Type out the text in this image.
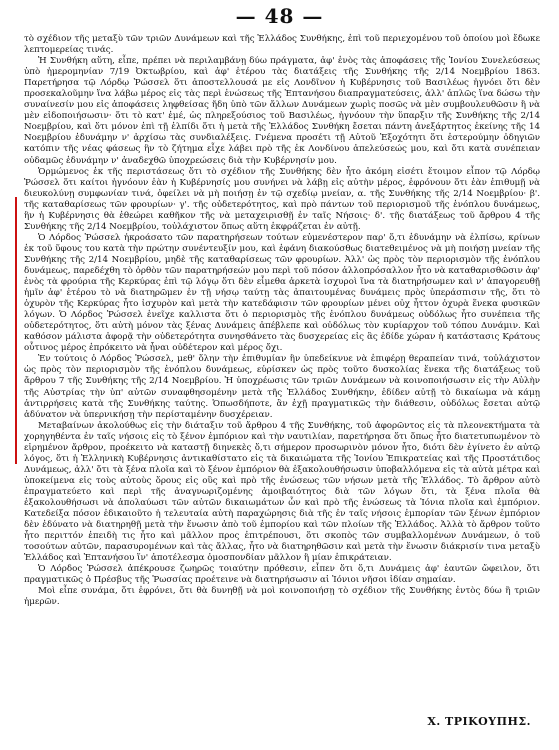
— 48 —

τὸ σχέδιον τῆς μεταξὺ τῶν τριῶν Δυνάμεων καὶ τῆς Ἑλλάδος Συνθήκης, ἐπὶ τοῦ περιεχομένου τοῦ ὁποίου μοὶ ἔδωκε λεπτομερείας τινάς.

Ἡ Συνθήκη αὕτη, εἶπε, πρέπει νὰ περιλαμβάνῃ δύω πράγματα, ἀφ' ἑνὸς τὰς ἀποφάσεις τῆς Ἰονίου Συνελεύσεως ὑπὸ ἡμερομηνίαν 7/19 Ὀκτωβρίου, καὶ ἀφ' ἑτέρου τὰς διατάξεις τῆς Συνθήκης τῆς 2/14 Νοεμβρίου 1863. Παρετήρησα τῷ Λόρδῳ Ῥώσσελ ὅτι ἀποστελλουσά με εἰς Λονδῖνον ἡ Κυβέρνησις τοῦ Βασιλέως ἠγνόει ὅτι δὲν προσεκαλοῦμην ἵνα λάβω μέρος εἰς τὰς περὶ ἑνώσεως τῆς Ἑπτανήσου διαπραγματεύσεις, ἀλλ' ἁπλῶς ἵνα δώσω τὴν συναίνεσίν μου εἰς ἀποφάσεις ληφθείσας ἤδη ὑπὸ τῶν ἄλλων Δυνάμεων χωρὶς ποσῶς νὰ μὲν συμβουλευθῶσιν ἢ νὰ μὲν εἰδοποιήσωσιν· ὅτι τὸ κατ' ἐμέ, ὡς πληρεξούσιος τοῦ Βασιλέως, ἠγνόουν τὴν ὕπαρξιν τῆς Συνθήκης τῆς 2/14 Νοεμβρίου, καὶ ὅτι μόνον ἐπὶ τῇ ἐλπίδι ὅτι ἡ μετὰ τῆς Ἑλλάδος Συνθήκη ἔσεται πάντη ἀνεξάρτητος ἐκείνης τῆς 14 Νοεμβρίου ἐδυνάμην ν' ἀρχίσω τὰς συνδιαλέξεις. Γνέμενα προσέτι τῇ Αὐτοῦ Ἐξοχότητι ὅτι ἐστερούμην ὁδηγιῶν κατόπιν τῆς νέας φάσεως ἣν τὸ ζήτημα εἶχε λάβει πρὸ τῆς ἐκ Λονδίνου ἀπελεύσεώς μου, καὶ ὅτι κατὰ συνέπειαν οὐδαμῶς ἐδυνάμην ν' ἀναδεχθῶ ὑποχρεώσεις διὰ τὴν Κυβέρνησίν μου.

Ὁρμώμενος ἐκ τῆς περιστάσεως ὅτι τὸ σχέδιον τῆς Συνθήκης δὲν ἦτο ἀκόμη εἰσέτι ἕτοιμον εἶπον τῷ Λόρδῳ Ῥώσσελ ὅτι καίτοι ἠγνόουν ἐὰν ἡ Κυβέρνησίς μου συνήνει νὰ λάβῃ εἰς αὐτὴν μέρος, ἐφρόνουν ὅτι ἐὰν ἐπιθυμῇ νὰ διευκολύνῃ συμφωνίαν τινά, ὀφείλει νὰ μὴ ποιήσῃ ἐν τῷ σχεδίῳ μνείαν, α. τῆς Συνθήκης τῆς 2/14 Νοεμβρίου· β'. τῆς καταθαρίσεως τῶν φρουρίων· γ'. τῆς οὐδετερότητος, καὶ πρὸ πάντων τοῦ περιορισμοῦ τῆς ἑνόπλου δυνάμεως, ἣν ἡ Κυβέρνησις θὰ ἐθεώρει καθῆκον τῆς νὰ μεταχειρισθῇ ἐν ταῖς Νήσοις· δ'. τῆς διατάξεως τοῦ ἄρθρου 4 τῆς Συνθήκης τῆς 2/14 Νοεμβρίου, τοὐλάχιστον ὅπως αὕτη ἐκφράζεται ἐν αὐτῇ.

Ὁ Λόρδος Ῥώσσελ ἠκροάσατο τῶν παρατηρήσεων τούτων εὐμενέστερον παρ' ὅ,τι ἐδυνάμην νὰ ἐλπίσω, κρίνων ἐκ τοῦ ὕφους του κατὰ τὴν πρώτην συνέντευξίν μου, καὶ ἐφάνη διακούσθως διατεθειμένος νὰ μὴ ποιήσῃ μνείαν τῆς Συνθήκης τῆς 2/14 Νοεμβρίου, μηδὲ τῆς καταθαρίσεως τῶν φρουρίων. Ἀλλ' ὡς πρὸς τὸν περιορισμὸν τῆς ἑνόπλου δυνάμεως, παρεδέχθη τὸ ὀρθὸν τῶν παρατηρήσεών μου περὶ τοῦ πόσον ἀλλοπρόσαλλον ἦτο νὰ καταθαρισθῶσιν ἀφ' ἑνὸς τὰ φρούρια τῆς Κερκύρας ἐπὶ τῷ λόγῳ ὅτι δὲν εἶμεθα ἀρκετὰ ἰσχυροὶ ἵνα τὰ διατηρήσωμεν καὶ ν' ἀπαγορευθῇ ἡμῖν ἀφ' ἑτέρου τὸ νὰ διατηρῶμεν ἐν τῇ νήσῳ ταύτῃ τὰς ἀπαιτουμένας δυνάμεις πρὸς ὑπεράσπισιν τῆς, ὅτι τὸ ὁχυρὸν τῆς Κερκύρας ἦτο ἰσχυρὸν καὶ μετὰ τὴν κατεδάφισιν τῶν φρουρίων μένει οὐχ ἧττον ὀχυρὰ ἕνεκα φυσικῶν λόγων. Ὁ Λόρδος Ῥώσσελ ἐνεῖχε καλλιστα ὅτι ὁ περιορισμὸς τῆς ἑνόπλου δυνάμεως οὐδόλως ἦτο συνέπεια τῆς οὐδετερότητος, ὅτι αὐτὴ μόνον τὰς ξένας Δυνάμεις ἀπέβλεπε καὶ οὐδόλως τὸν κυρίαρχον τοῦ τόπου Δυνάμιν. Καὶ καθόσον μάλιστα ἀφορᾷ τὴν οὐδετερότητα συνησθάνετο τὰς δυσχερείας εἰς ἃς ἐδίδε χώραν ἡ κατάστασις Κράτους οὗτινος μέρος ἐπρόκειτο νὰ ἦναι οὐδέτερον καὶ μέρος ὄχι.

Ἐν τούτοις ὁ Λόρδος Ῥώσσελ, μεθ' ὅλην τὴν ἐπιθυμίαν ἣν ὑπεδείκνυε νὰ ἐπιφέρῃ θεραπείαν τινά, τοὐλάχιστον ὡς πρὸς τὸν περιορισμὸν τῆς ἑνόπλου δυνάμεως, εὑρίσκεν ὡς πρὸς τοῦτο δυσκολίας ἕνεκα τῆς διατάξεως τοῦ ἄρθρου 7 τῆς Συνθήκης τῆς 2/14 Νοεμβρίου. Ἡ ὑποχρέωσις τῶν τριῶν Δυνάμεων νὰ κοινοποιήσωσιν εἰς τὴν Αὐλὴν τῆς Αὐστρίας τὴν ὑπ' αὐτῶν συναφθησομένην μετὰ τῆς Ἑλλάδος Συνθήκην, ἐδίδεν αὐτῇ τὸ δικαίωμα νὰ κάμῃ ἀντιρρήσεις κατὰ τῆς Συνθήκης ταύτης. Ὁπωσδήποτε, ἂν ἐχῇ πραγματικῶς τὴν διάθεσιν, οὐδόλως ἔσεται αὐτῷ ἀδύνατον νὰ ὑπερνικήσῃ τὴν περίσταμένην δυσχέρειαν.

Μεταβαίνων ἀκολούθως εἰς τὴν διάταξιν τοῦ ἄρθρου 4 τῆς Συνθήκης, τοῦ ἀφορῶντος εἰς τὰ πλεονεκτήματα τὰ χορηγηθέντα ἐν ταῖς νήσοις εἰς τὸ ξένον ἐμπόριον καὶ τὴν ναυτιλίαν, παρετήρησα ὅτι ὅπως ἦτο διατετυπωμένον τὸ εἰρημένον ἄρθρον, προέκειτο νὰ καταστῇ διηνεκὲς ὅ,τι σήμερον προσωρινὸν μόνον ἦτο, διότι δὲν ἐγίνετο ἐν αὐτῷ λόγος, ὅτι ἡ Ἑλληνικὴ Κυβέρνησις ἀντικαθίστατο εἰς τὰ δικαιώματα τῆς Ἰονίου Ἐπικρατείας καὶ τῆς Προστάτιδος Δυνάμεως, ἀλλ' ὅτι τὰ ξένα πλοῖα καὶ τὸ ξένον ἐμπόριον θὰ ἐξακολουθήσωσιν ὑποβαλλόμενα εἰς τὰ αὐτὰ μέτρα καὶ ὑποκείμενα εἰς τοὺς αὐτοὺς ὅρους εἰς οὓς καὶ πρὸ τῆς ἑνώσεως τῶν νήσων μετὰ τῆς Ἑλλάδος. Τὸ ἄρθρον αὐτὸ ἐπραγματεύετο καὶ περὶ τῆς ἀναγνωριζομένης ἀμοιβαιότητος διὰ τῶν λόγων ὅτι, τὰ ξένα πλοῖα θὰ ἐξακολουθήσωσι νὰ ἀπολαύωσι τῶν αὐτῶν δικαιωμάτων ὧν καὶ πρὸ τῆς ἑνώσεως τὰ Ἰόνια πλοῖα καὶ ἐμπόριον. Κατεδείξα πόσον ἐδικαιοῦτο ἡ τελευταία αὐτὴ παραχώρησις διὰ τῆς ἐν ταῖς νήσοις ἐμπορίαν τῶν ξένων ἐμπόριον δὲν ἐδύνατο νὰ διατηρηθῇ μετὰ τὴν ἕνωσιν ἀπὸ τοῦ ἐμπορίου καὶ τῶν πλοίων τῆς Ἑλλάδος. Ἀλλὰ τὸ ἄρθρον τοῦτο ἦτο περιττόν ἐπειδὴ τις ἦτο καὶ μᾶλλον προς ἐπιτρέπουσι, ὅτι σκοπὸς τῶν συμβαλλομένων Δυνάμεων, ὁ τοῦ τοσούτων αὐτῶν, παρασυρομένων καὶ τὰς ἄλλας, ἦτο νὰ διατηρηθῶσιν καὶ μετὰ τὴν ἕνωσιν διάκρισίν τινα μεταξὺ Ἑλλάδος καὶ Ἑπτανήσου ἵν' ἀποτέλεσμα ὁμοσπονδίαν μᾶλλον ἢ μίαν ἐπικράτειαν.

Ὁ Λόρδος Ῥώσσελ ἀπέκρουσε ζωηρῶς τοιαύτην πρόθεσιν, εἶπεν ὅτι ὅ,τι Δυνάμεις ἀφ' ἑαυτῶν ὤφειλον, ὅτι πραγματικῶς ὁ Πρέσβυς τῆς Ῥωσσίας προέτεινε νὰ διατηρήσωσιν αἱ Ἰόνιοι νῆσοι ἰδίαν σημαίαν.

Μοὶ εἶπε συνάμα, ὅτι ἐφρόνει, ὅτι θὰ δυνηθῇ νὰ μοὶ κοινοποιήσῃ τὸ σχέδιον τῆς Συνθήκης ἐντὸς δύω ἢ τριῶν ἡμερῶν.

Χ. ΤΡΙΚΟΥΠΗΣ.
